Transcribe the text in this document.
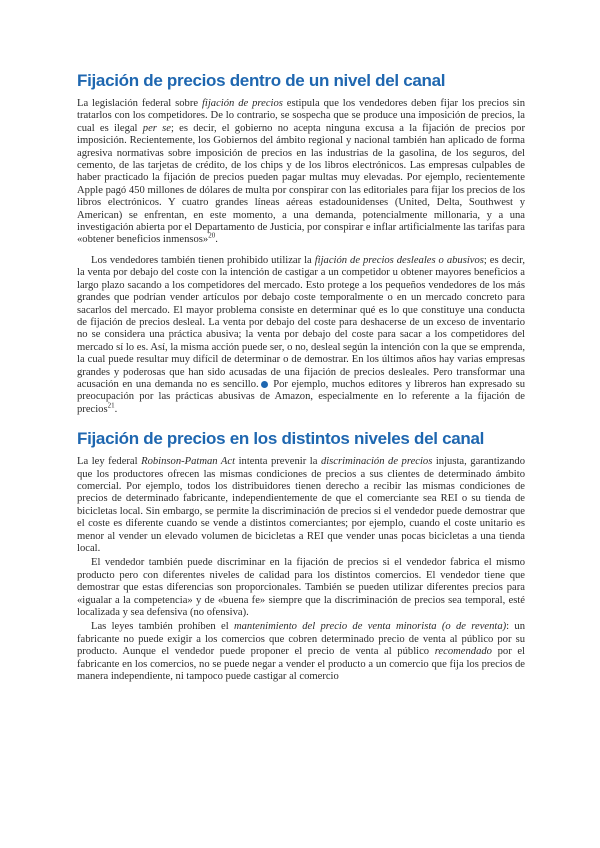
Fijación de precios dentro de un nivel del canal

La legislación federal sobre fijación de precios estipula que los vendedores deben fijar los precios sin tratarlos con los competidores. De lo contrario, se sospecha que se produce una imposición de precios, la cual es ilegal per se; es decir, el gobierno no acepta ninguna excusa a la fijación de precios por imposición. Recientemente, los Gobiernos del ámbito regional y nacional también han aplicado de forma agresiva normativas sobre imposición de precios en las industrias de la gasolina, de los seguros, del cemento, de las tarjetas de crédito, de los chips y de los libros electrónicos. Las empresas culpables de haber practicado la fijación de precios pueden pagar multas muy elevadas. Por ejemplo, recientemente Apple pagó 450 millones de dólares de multa por conspirar con las editoriales para fijar los precios de los libros electrónicos. Y cuatro grandes líneas aéreas estadounidenses (United, Delta, Southwest y American) se enfrentan, en este momento, a una demanda, potencialmente millonaria, y a una investigación abierta por el Departamento de Justicia, por conspirar e inflar artificialmente las tarifas para «obtener beneficios inmensos»$^{20}$.

Los vendedores también tienen prohibido utilizar la fijación de precios desleales o abusivos; es decir, la venta por debajo del coste con la intención de castigar a un competidor u obtener mayores beneficios a largo plazo sacando a los competidores del mercado. Esto protege a los pequeños vendedores de los más grandes que podrían vender artículos por debajo coste temporalmente o en un mercado concreto para sacarlos del mercado. El mayor problema consiste en determinar qué es lo que constituye una conducta de fijación de precios desleal. La venta por debajo del coste para deshacerse de un exceso de inventario no se considera una práctica abusiva; la venta por debajo del coste para sacar a los competidores del mercado sí lo es. Así, la misma acción puede ser, o no, desleal según la intención con la que se emprenda, la cual puede resultar muy difícil de determinar o de demostrar. En los últimos años hay varias empresas grandes y poderosas que han sido acusadas de una fijación de precios desleales. Pero transformar una acusación en una demanda no es sencillo. Por ejemplo, muchos editores y libreros han expresado su preocupación por las prácticas abusivas de Amazon, especialmente en lo referente a la fijación de precios$^{21}$.

Fijación de precios en los distintos niveles del canal

La ley federal Robinson-Patman Act intenta prevenir la discriminación de precios injusta, garantizando que los productores ofrecen las mismas condiciones de precios a sus clientes de determinado ámbito comercial. Por ejemplo, todos los distribuidores tienen derecho a recibir las mismas condiciones de precios de determinado fabricante, independientemente de que el comerciante sea REI o su tienda de bicicletas local. Sin embargo, se permite la discriminación de precios si el vendedor puede demostrar que el coste es diferente cuando se vende a distintos comerciantes; por ejemplo, cuando el coste unitario es menor al vender un elevado volumen de bicicletas a REI que vender unas pocas bicicletas a una tienda local.

El vendedor también puede discriminar en la fijación de precios si el vendedor fabrica el mismo producto pero con diferentes niveles de calidad para los distintos comercios. El vendedor tiene que demostrar que estas diferencias son proporcionales. También se pueden utilizar diferentes precios para «igualar a la competencia» y de «buena fe» siempre que la discriminación de precios sea temporal, esté localizada y sea defensiva (no ofensiva).

Las leyes también prohíben el mantenimiento del precio de venta minorista (o de reventa): un fabricante no puede exigir a los comercios que cobren determinado precio de venta al público por su producto. Aunque el vendedor puede proponer el precio de venta al público recomendado por el fabricante en los comercios, no se puede negar a vender el producto a un comercio que fija los precios de manera independiente, ni tampoco puede castigar al comercio
